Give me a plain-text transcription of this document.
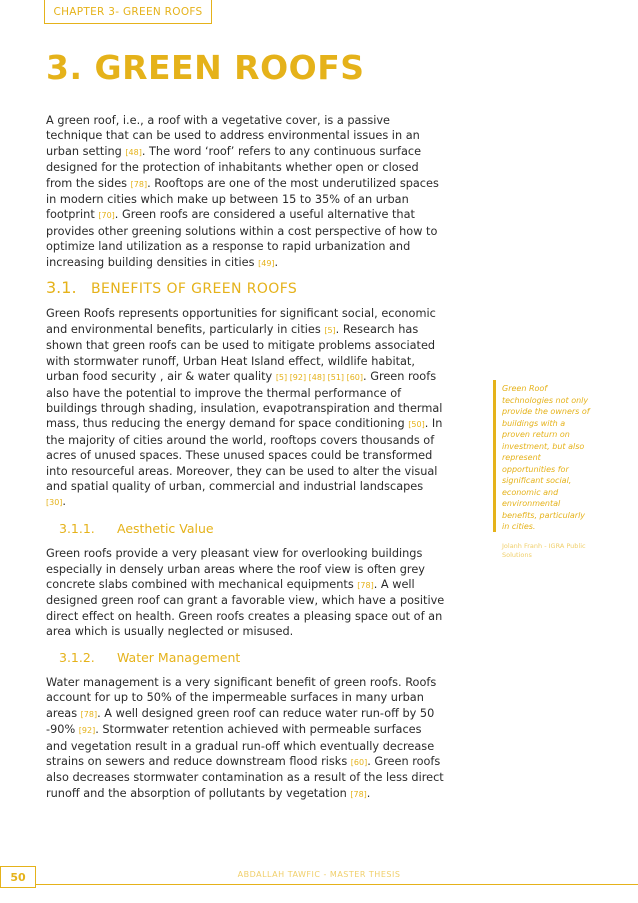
CHAPTER 3- GREEN ROOFS
3. GREEN ROOFS

A green roof, i.e., a roof with a vegetative cover, is a passive technique that can be used to address environmental issues in an urban setting [48]. The word ‘roof’ refers to any continuous surface designed for the protection of inhabitants whether open or closed from the sides [78]. Rooftops are one of the most underutilized spaces in modern cities which make up between 15 to 35% of an urban footprint [70]. Green roofs are considered a useful alternative that provides other greening solutions within a cost perspective of how to optimize land utilization as a response to rapid urbanization and increasing building densities in cities [49].

3.1.	BENEFITS OF GREEN ROOFS

Green Roofs represents opportunities for significant social, economic and environmental benefits, particularly in cities [5]. Research has shown that green roofs can be used to mitigate problems associated with stormwater runoff, Urban Heat Island effect, wildlife habitat, urban food security , air & water quality [5] [92] [48] [51] [60]. Green roofs also have the potential to improve the thermal performance of buildings through shading, insulation, evapotranspiration and thermal mass, thus reducing the energy demand for space conditioning [50]. In the majority of cities around the world, rooftops covers thousands of acres of unused spaces. These unused spaces could be transformed into resourceful areas. Moreover, they can be used to alter the visual and spatial quality of urban, commercial and industrial landscapes [30].

3.1.1.	Aesthetic Value

Green roofs provide a very pleasant view for overlooking buildings especially in densely urban areas where the roof view is often grey concrete slabs combined with mechanical equipments [78]. A well designed green roof can grant a favorable view, which have a positive direct effect on health. Green roofs creates a pleasing space out of an area which is usually neglected or misused.

3.1.2.	Water Management

Water management is a very significant benefit of green roofs. Roofs account for up to 50% of the impermeable surfaces in many urban areas [78]. A well designed green roof can reduce water run-off by 50 -90% [92]. Stormwater retention achieved with permeable surfaces and vegetation result in a gradual run-off which eventually decrease strains on sewers and reduce downstream flood risks [60]. Green roofs also decreases stormwater contamination as a result of the less direct runoff and the absorption of pollutants by vegetation [78].

Green Roof technologies not only provide the owners of buildings with a proven return on investment, but also represent opportunities for significant social, economic and environmental benefits, particularly in cities.
Jolanh Franh - IGRA Public Solutions
50	ABDALLAH TAWFIC - MASTER THESIS
